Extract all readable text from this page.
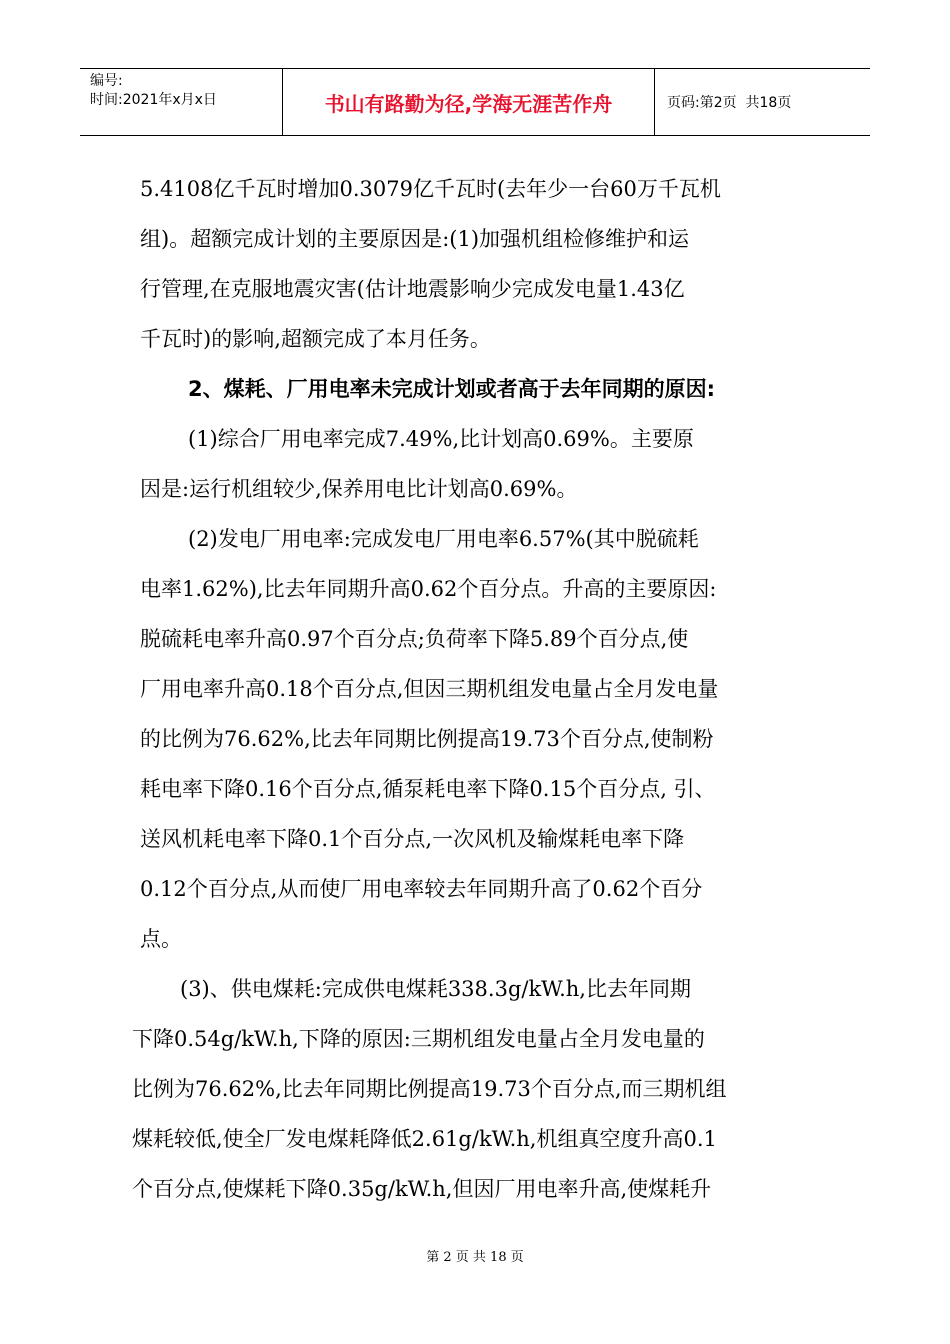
编号:
时间:2021年x月x日	书山有路勤为径,学海无涯苦作舟	页码:第2页  共18页
5.4108亿千瓦时增加0.3079亿千瓦时(去年少一台60万千瓦机
组)。超额完成计划的主要原因是:(1)加强机组检修维护和运
行管理,在克服地震灾害(估计地震影响少完成发电量1.43亿
千瓦时)的影响,超额完成了本月任务。
2、煤耗、厂用电率未完成计划或者高于去年同期的原因:
(1)综合厂用电率完成7.49%,比计划高0.69%。主要原
因是:运行机组较少,保养用电比计划高0.69%。
(2)发电厂用电率:完成发电厂用电率6.57%(其中脱硫耗
电率1.62%),比去年同期升高0.62个百分点。升高的主要原因:
脱硫耗电率升高0.97个百分点;负荷率下降5.89个百分点,使
厂用电率升高0.18个百分点,但因三期机组发电量占全月发电量
的比例为76.62%,比去年同期比例提高19.73个百分点,使制粉
耗电率下降0.16个百分点,循泵耗电率下降0.15个百分点, 引、
送风机耗电率下降0.1个百分点,一次风机及输煤耗电率下降
0.12个百分点,从而使厂用电率较去年同期升高了0.62个百分
点。
(3)、供电煤耗:完成供电煤耗338.3g/kW.h,比去年同期
下降0.54g/kW.h,下降的原因:三期机组发电量占全月发电量的
比例为76.62%,比去年同期比例提高19.73个百分点,而三期机组
煤耗较低,使全厂发电煤耗降低2.61g/kW.h,机组真空度升高0.1
个百分点,使煤耗下降0.35g/kW.h,但因厂用电率升高,使煤耗升
第 2 页 共 18 页
